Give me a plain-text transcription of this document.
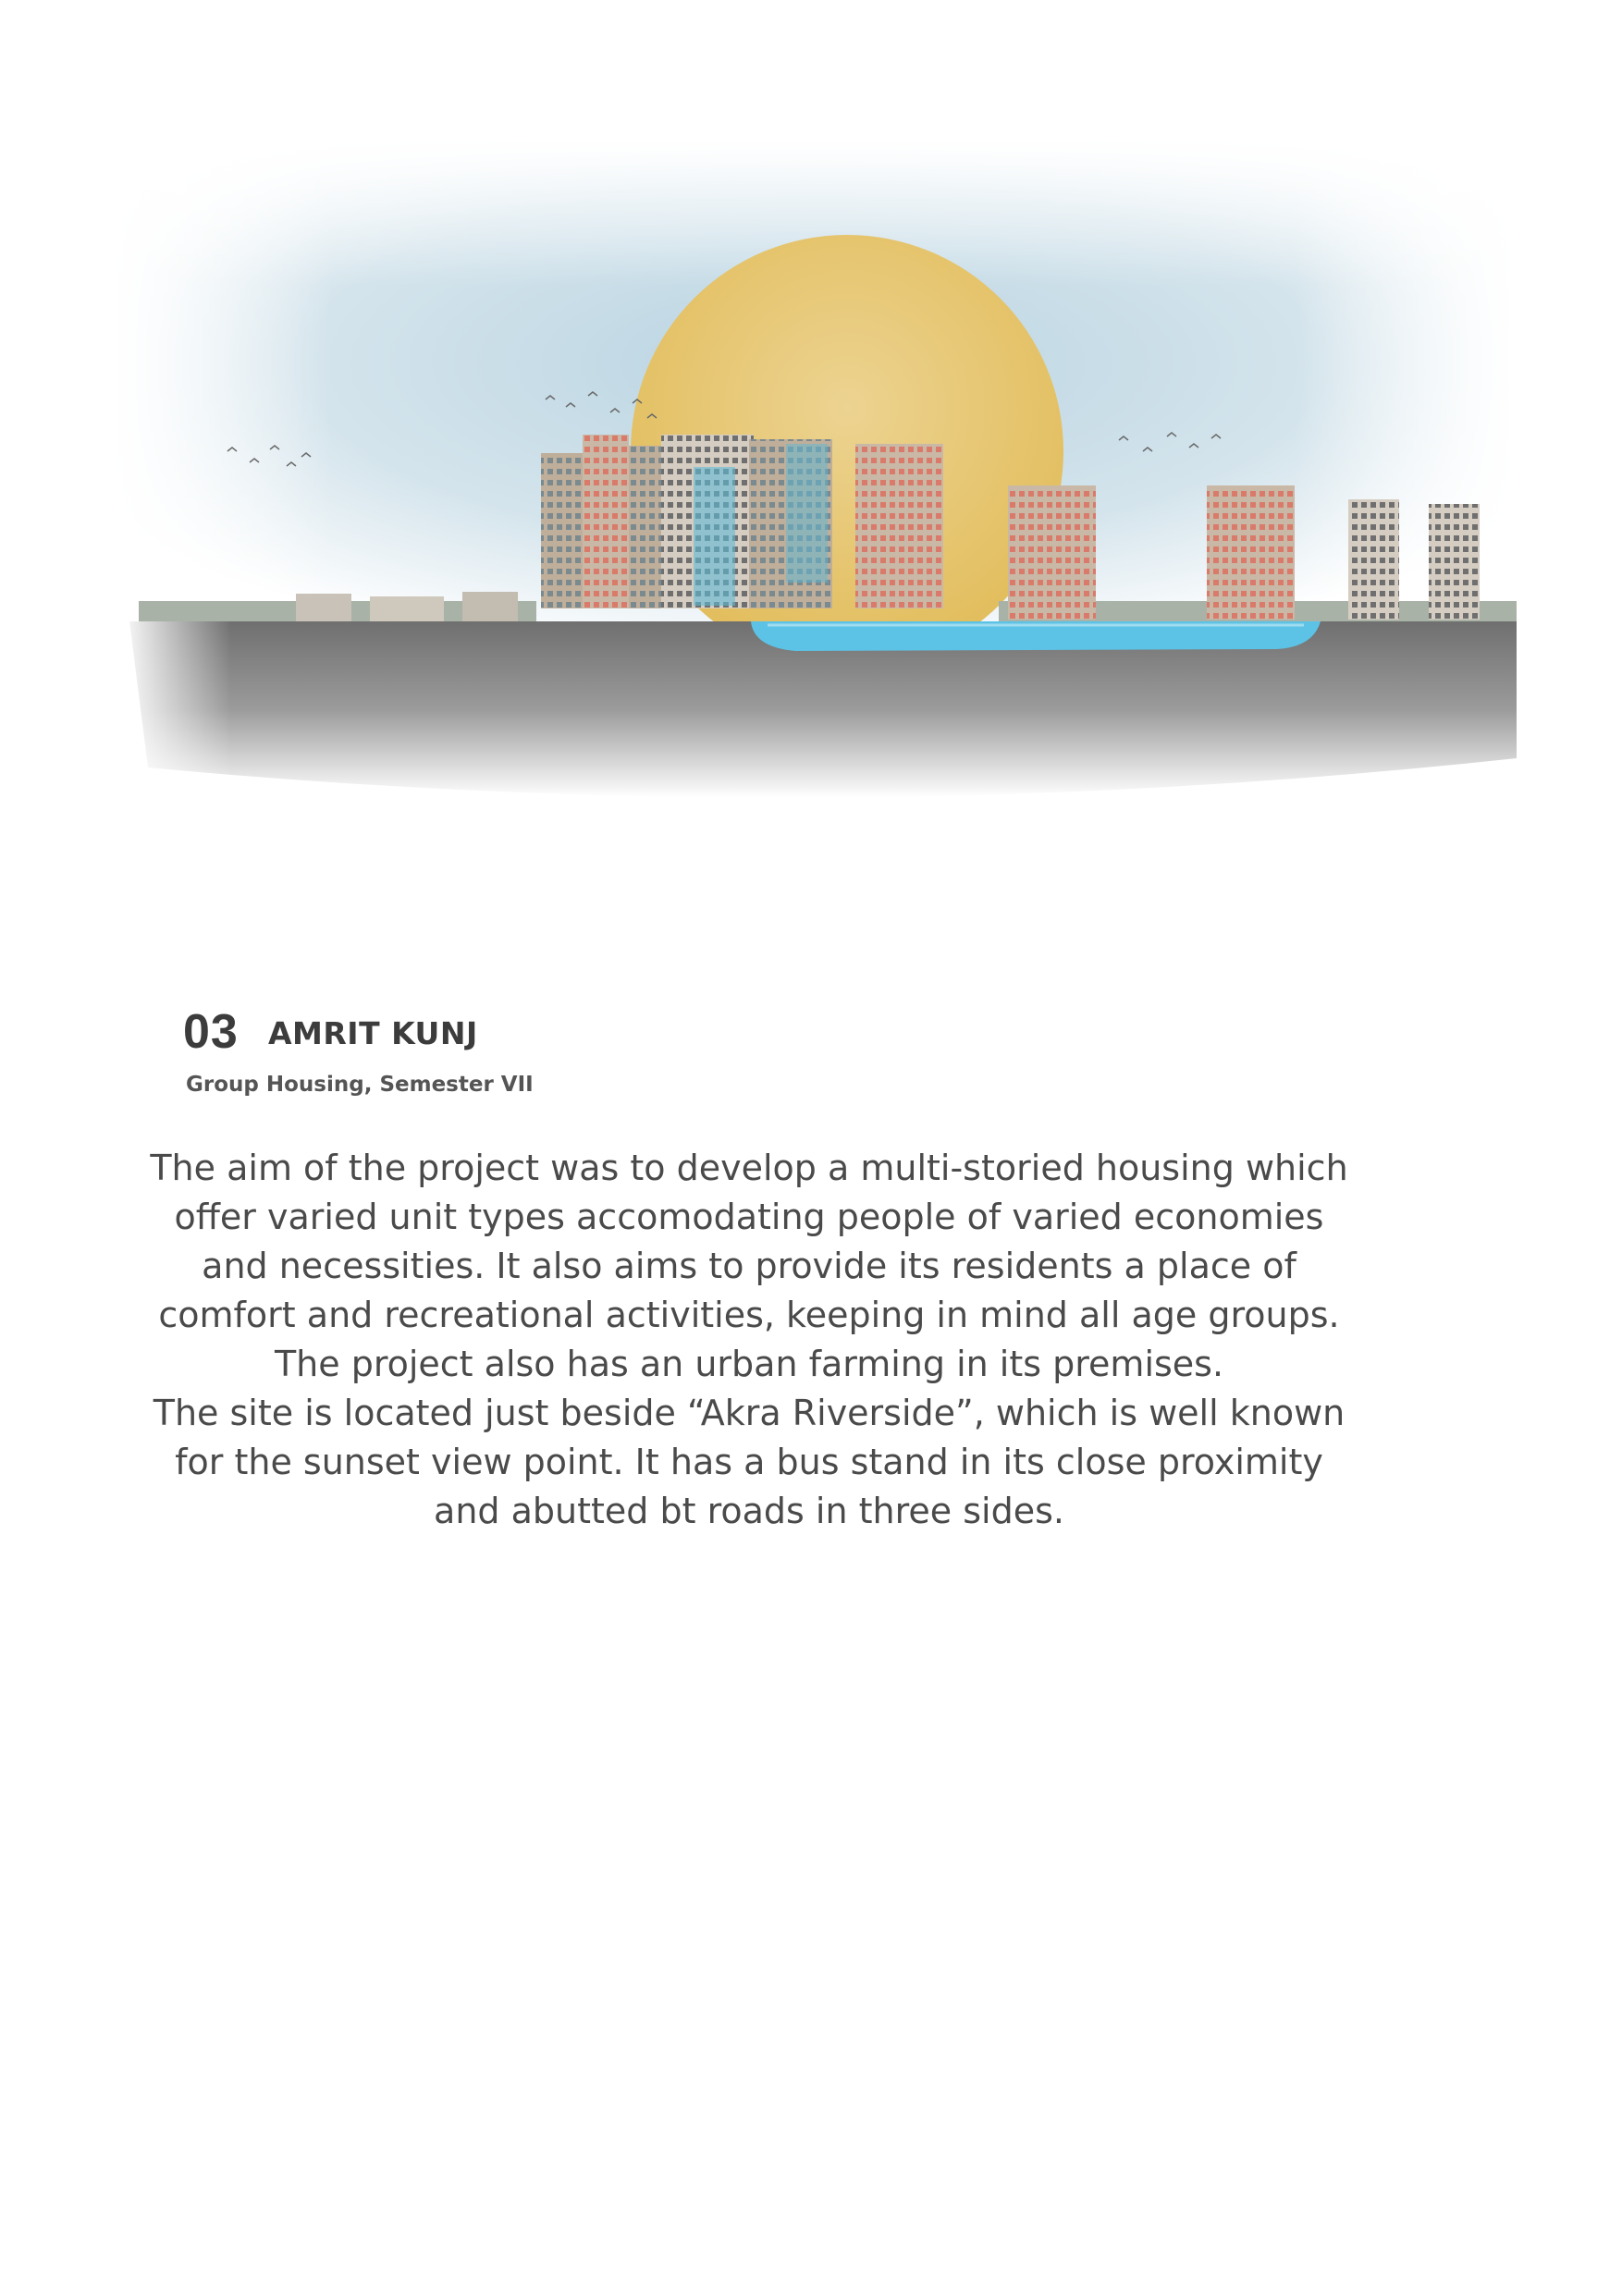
03 AMRIT KUNJ
Group Housing, Semester VII

The aim of the project was to develop a multi-storied housing which offer varied unit types accomodating people of varied economies and necessities. It also aims to provide its residents a place of comfort and recreational activities, keeping in mind all age groups. The project also has an urban farming in its premises.

The site is located just beside “Akra Riverside”, which is well known for the sunset view point. It has a bus stand in its close proximity and abutted bt roads in three sides.
